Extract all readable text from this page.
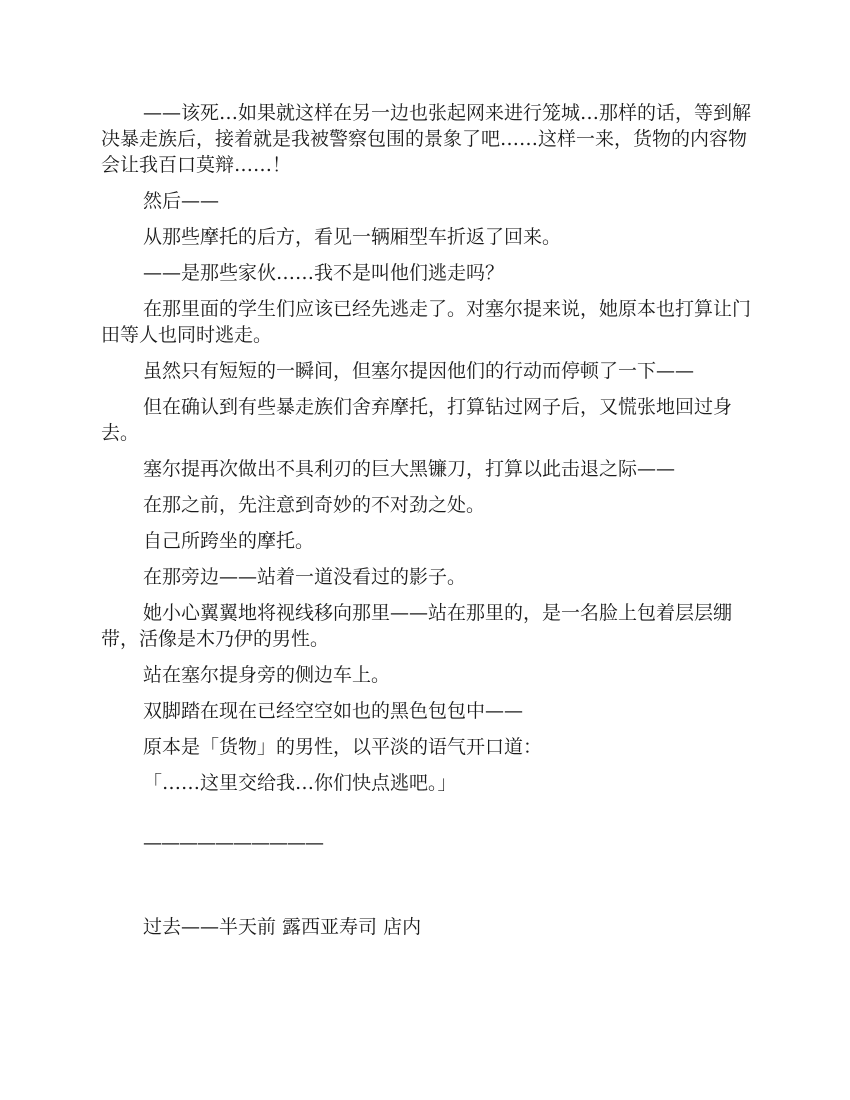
——该死…如果就这样在另一边也张起网来进行笼城…那样的话，等到解决暴走族后，接着就是我被警察包围的景象了吧……这样一来，货物的内容物会让我百口莫辩……！

然后——

从那些摩托的后方，看见一辆厢型车折返了回来。

——是那些家伙……我不是叫他们逃走吗？

在那里面的学生们应该已经先逃走了。对塞尔提来说，她原本也打算让门田等人也同时逃走。

虽然只有短短的一瞬间，但塞尔提因他们的行动而停顿了一下——

但在确认到有些暴走族们舍弃摩托，打算钻过网子后，又慌张地回过身去。

塞尔提再次做出不具利刃的巨大黑镰刀，打算以此击退之际——

在那之前，先注意到奇妙的不对劲之处。

自己所跨坐的摩托。

在那旁边——站着一道没看过的影子。

她小心翼翼地将视线移向那里——站在那里的，是一名脸上包着层层绷带，活像是木乃伊的男性。

站在塞尔提身旁的侧边车上。

双脚踏在现在已经空空如也的黑色包包中——

原本是「货物」的男性，以平淡的语气开口道：

「……这里交给我…你们快点逃吧。」

——————————

过去——半天前 露西亚寿司 店内
